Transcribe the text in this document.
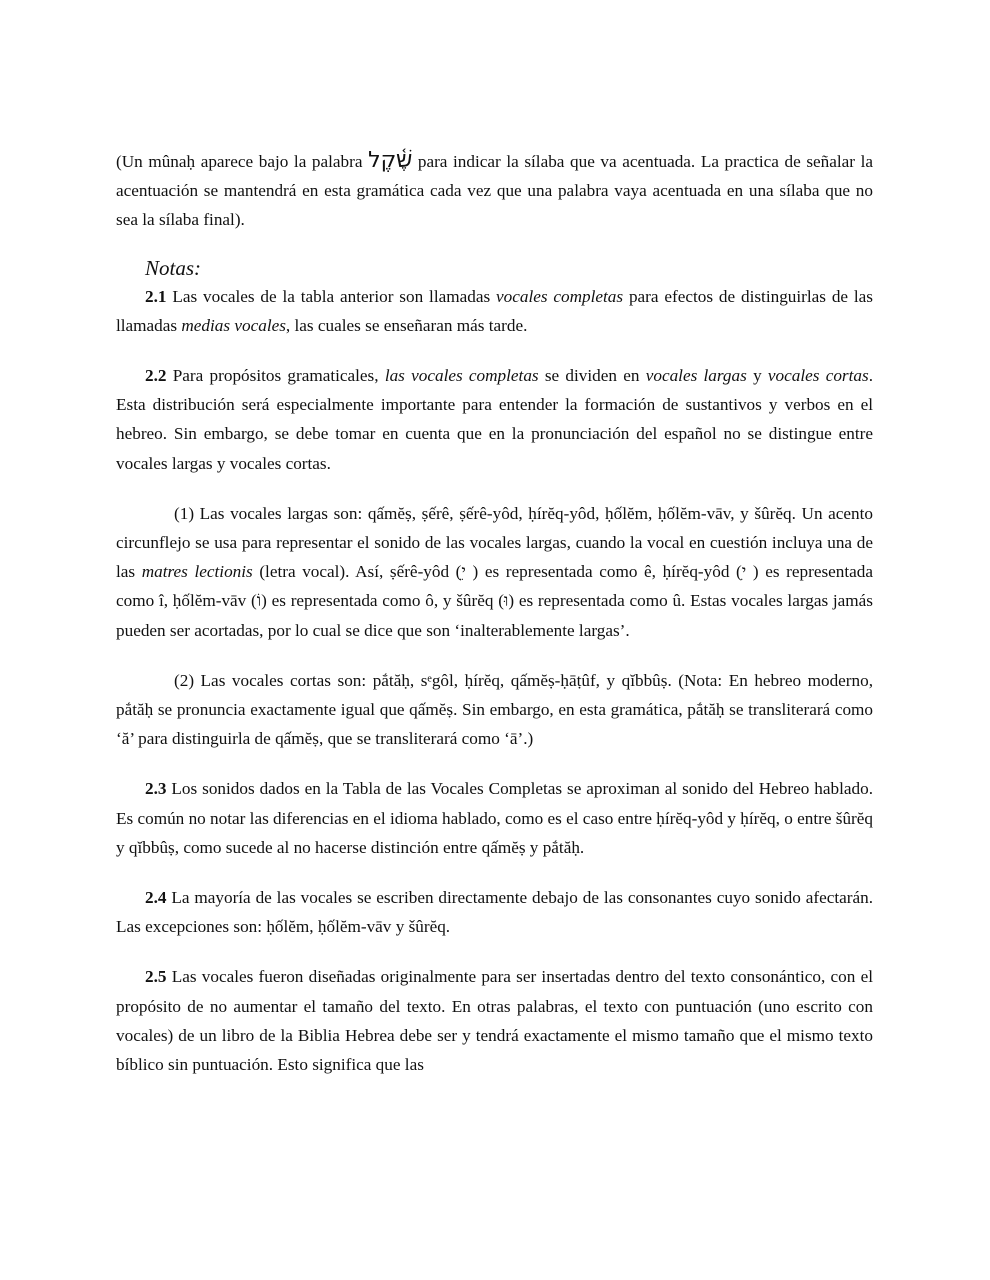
(Un mûnaḥ aparece bajo la palabra שֶׁ֫קֶל para indicar la sílaba que va acentuada. La practica de señalar la acentuación se mantendrá en esta gramática cada vez que una palabra vaya acentuada en una sílaba que no sea la sílaba final).

Notas:

2.1 Las vocales de la tabla anterior son llamadas vocales completas para efectos de distinguirlas de las llamadas medias vocales, las cuales se enseñaran más tarde.

2.2 Para propósitos gramaticales, las vocales completas se dividen en vocales largas y vocales cortas. Esta distribución será especialmente importante para entender la formación de sustantivos y verbos en el hebreo. Sin embargo, se debe tomar en cuenta que en la pronunciación del español no se distingue entre vocales largas y vocales cortas.

(1) Las vocales largas son: qấmĕṣ, ṣếrê, ṣếrê-yôd, ḥírĕq-yôd, ḥốlĕm, ḥốlĕm-vāv, y šûrĕq. Un acento circunflejo se usa para representar el sonido de las vocales largas, cuando la vocal en cuestión incluya una de las matres lectionis (letra vocal). Así, ṣếrê-yôd (ֵי ) es representada como ê, ḥírĕq-yôd (ִי ) es representada como î, ḥốlĕm-vāv (וֹ) es representada como ô, y šûrĕq (וּ) es representada como û. Estas vocales largas jamás pueden ser acortadas, por lo cual se dice que son ‘inalterablemente largas’.

(2) Las vocales cortas son: pắtăḥ, sᵉgôl, ḥírĕq, qấmĕṣ-ḥāṭûf, y qĭbbûṣ. (Nota: En hebreo moderno, pắtăḥ se pronuncia exactamente igual que qấmĕṣ. Sin embargo, en esta gramática, pắtăḥ se transliterará como ‘ă’ para distinguirla de qấmĕṣ, que se transliterará como ‘ā’.)

2.3 Los sonidos dados en la Tabla de las Vocales Completas se aproximan al sonido del Hebreo hablado. Es común no notar las diferencias en el idioma hablado, como es el caso entre ḥírĕq-yôd y ḥírĕq, o entre šûrĕq y qĭbbûṣ, como sucede al no hacerse distinción entre qấmĕṣ y pắtăḥ.

2.4 La mayoría de las vocales se escriben directamente debajo de las consonantes cuyo sonido afectarán. Las excepciones son: ḥốlĕm, ḥốlĕm-vāv y šûrĕq.

2.5 Las vocales fueron diseñadas originalmente para ser insertadas dentro del texto consonántico, con el propósito de no aumentar el tamaño del texto. En otras palabras, el texto con puntuación (uno escrito con vocales) de un libro de la Biblia Hebrea debe ser y tendrá exactamente el mismo tamaño que el mismo texto bíblico sin puntuación. Esto significa que las
